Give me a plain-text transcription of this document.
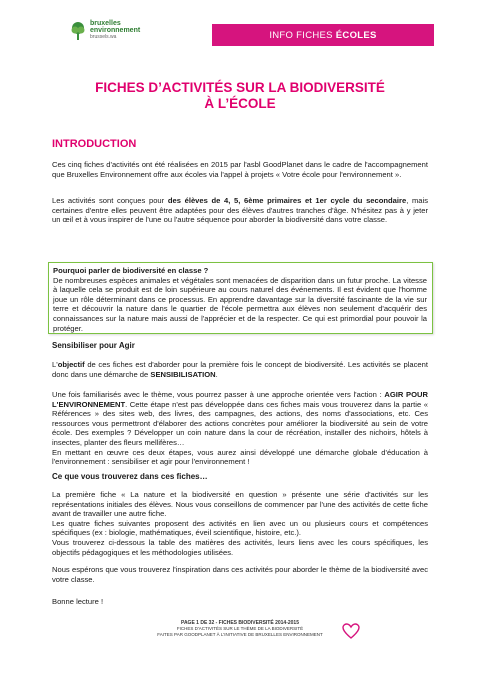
bruxelles
environnement
brussels.wa	INFO FICHES ÉCOLES
FICHES D’ACTIVITÉS SUR LA BIODIVERSITÉ
À L’ÉCOLE
INTRODUCTION
Ces cinq fiches d'activités ont été réalisées en 2015 par l'asbl GoodPlanet dans le cadre de l'accompagnement que Bruxelles Environnement offre aux écoles via l'appel à projets « Votre école pour l'environnement ».
Les activités sont conçues pour des élèves de 4, 5, 6ème primaires et 1er cycle du secondaire, mais certaines d'entre elles peuvent être adaptées pour des élèves d'autres tranches d'âge. N'hésitez pas à y jeter un œil et à vous inspirer de l'une ou l'autre séquence pour aborder la biodiversité dans votre classe.
Pourquoi parler de biodiversité en classe ?
De nombreuses espèces animales et végétales sont menacées de disparition dans un futur proche. La vitesse à laquelle cela se produit est de loin supérieure au cours naturel des événements. Il est évident que l'homme joue un rôle déterminant dans ce processus. En apprendre davantage sur la diversité fascinante de la vie sur terre et découvrir la nature dans le quartier de l'école permettra aux élèves non seulement d'acquérir des connaissances sur la nature mais aussi de l'apprécier et de la respecter. Ce qui est primordial pour pouvoir la protéger.
Sensibiliser pour Agir
L'objectif de ces fiches est d'aborder pour la première fois le concept de biodiversité. Les activités se placent donc dans une démarche de SENSIBILISATION.
Une fois familiarisés avec le thème, vous pourrez passer à une approche orientée vers l'action : AGIR POUR L'ENVIRONNEMENT. Cette étape n'est pas développée dans ces fiches mais vous trouverez dans la partie « Références » des sites web, des livres, des campagnes, des actions, des noms d'associations, etc. Ces ressources vous permettront d'élaborer des actions concrètes pour améliorer la biodiversité au sein de votre école. Des exemples ? Développer un coin nature dans la cour de récréation, installer des nichoirs, hôtels à insectes, planter des fleurs mellifères…
En mettant en œuvre ces deux étapes, vous aurez ainsi développé une démarche globale d'éducation à l'environnement : sensibiliser et agir pour l'environnement !
Ce que vous trouverez dans ces fiches…
La première fiche « La nature et la biodiversité en question » présente une série d'activités sur les représentations initiales des élèves. Nous vous conseillons de commencer par l'une des activités de cette fiche avant de travailler une autre fiche.
Les quatre fiches suivantes proposent des activités en lien avec un ou plusieurs cours et compétences spécifiques (ex : biologie, mathématiques, éveil scientifique, histoire, etc.).
Vous trouverez ci-dessous la table des matières des activités, leurs liens avec les cours spécifiques, les objectifs pédagogiques et les méthodologies utilisées.
Nous espérons que vous trouverez l'inspiration dans ces activités pour aborder le thème de la biodiversité avec votre classe.
Bonne lecture !
PAGE 1 DE 32 - FICHES BIODIVERSITÉ 2014-2015
FICHES D'ACTIVITÉS SUR LE THÈME DE LA BIODIVERSITÉ
FAITES PAR GOODPLANET À L'INITIATIVE DE BRUXELLES ENVIRONNEMENT
